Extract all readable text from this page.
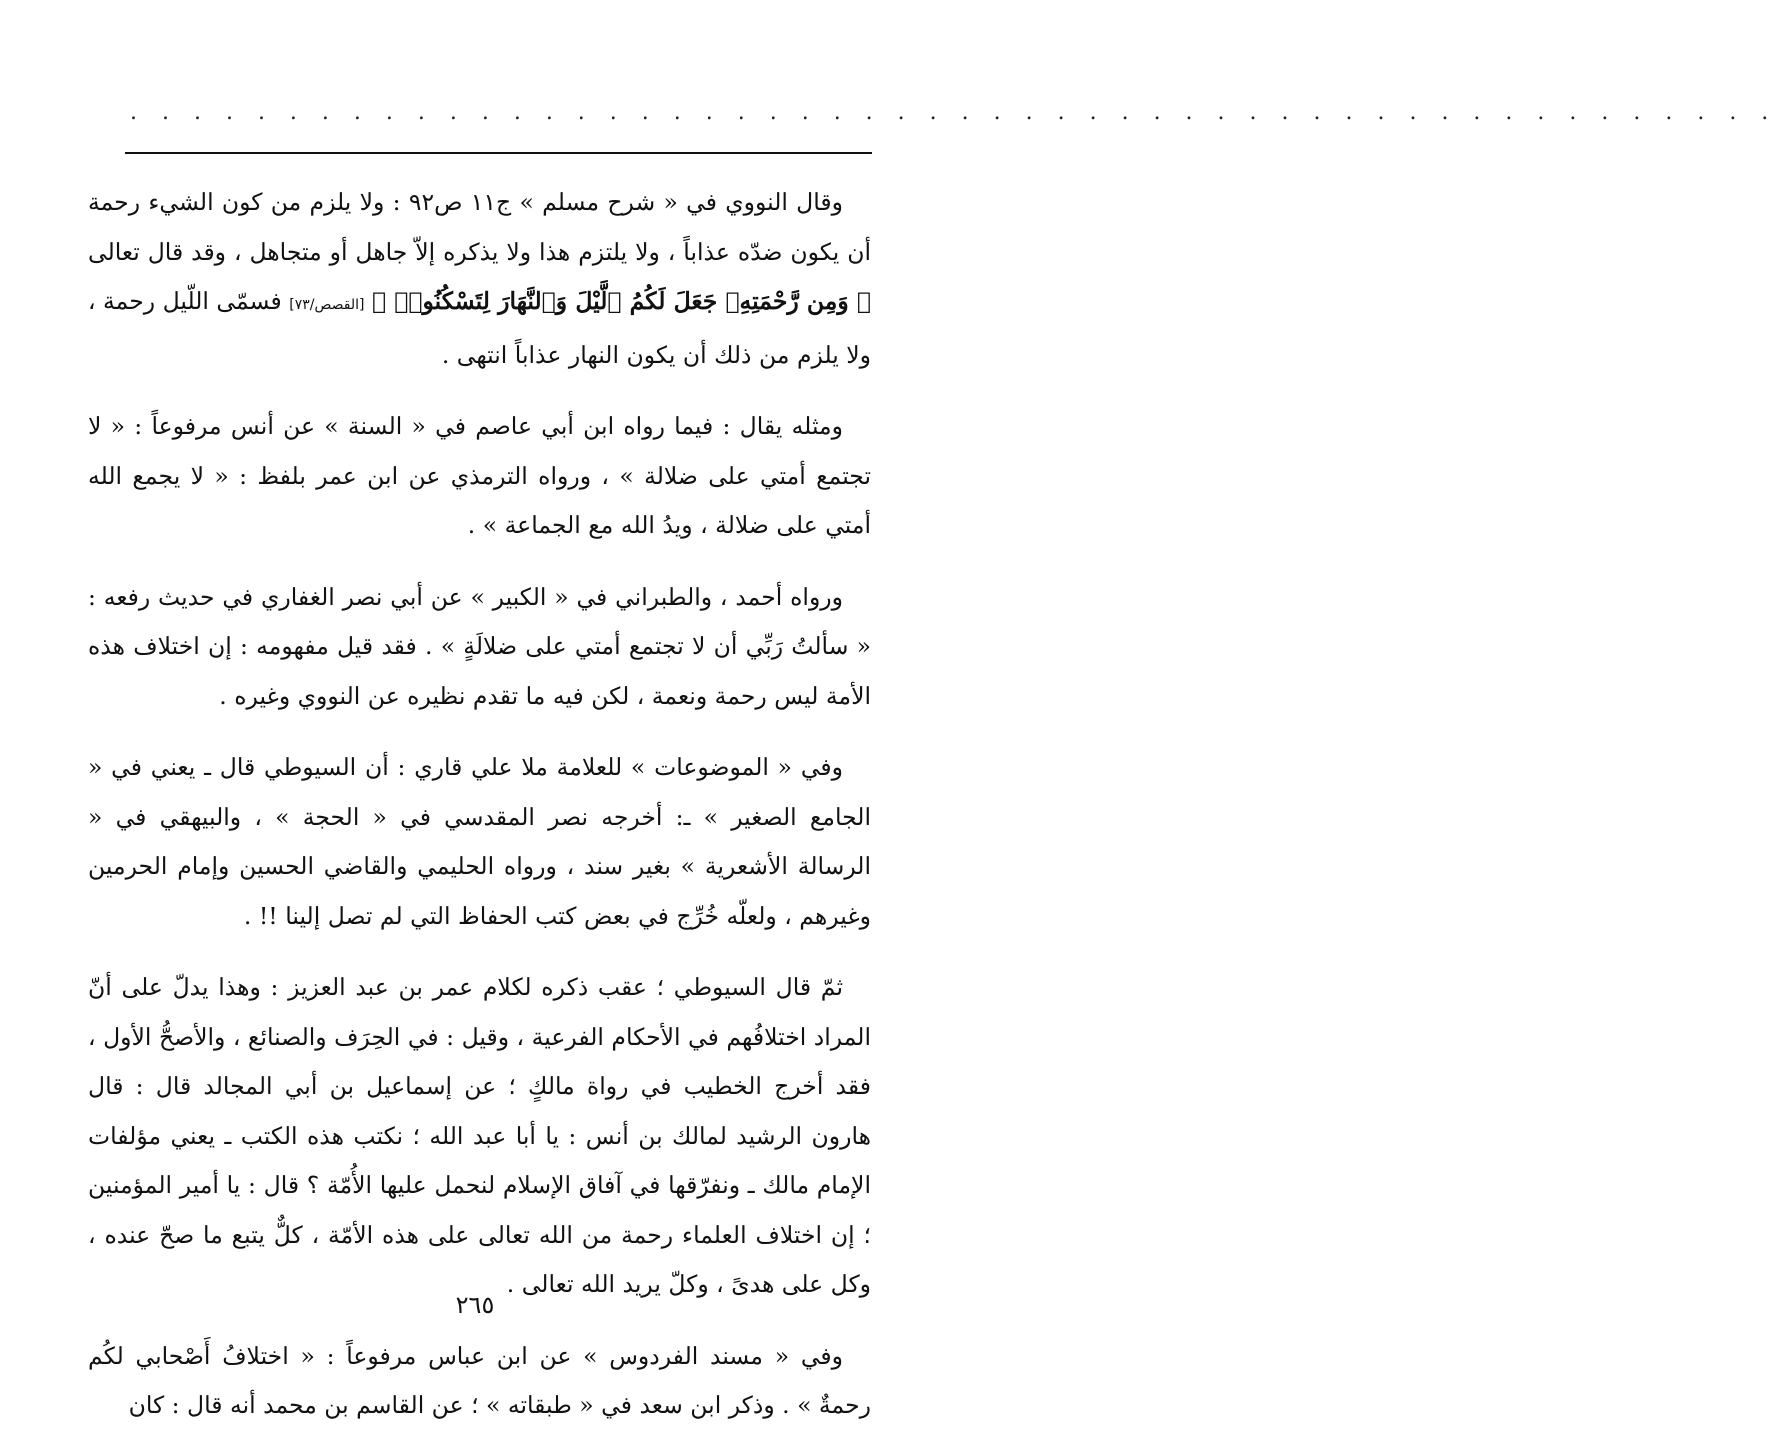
. . . . . . . . . . . . . . . . . . . . . . . . . . . . . . . . . . . . . . . . . . . . . . . . . . . .

وقال النووي في « شرح مسلم » ج١١ ص٩٢ : ولا يلزم من كون الشيء رحمة أن يكون ضدّه عذاباً ، ولا يلتزم هذا ولا يذكره إلاّ جاهل أو متجاهل ، وقد قال تعالى ﴿ وَمِن رَّحْمَتِهِۦ جَعَلَ لَكُمُ ٱلَّيْلَ وَٱلنَّهَارَ لِتَسْكُنُوا۟ ﴾ [القصص/٧٣] فسمّى اللّيل رحمة ، ولا يلزم من ذلك أن يكون النهار عذاباً انتهى .

ومثله يقال : فيما رواه ابن أبي عاصم في « السنة » عن أنس مرفوعاً : « لا تجتمع أمتي على ضلالة » ، ورواه الترمذي عن ابن عمر بلفظ : « لا يجمع الله أمتي على ضلالة ، ويدُ الله مع الجماعة » .

ورواه أحمد ، والطبراني في « الكبير » عن أبي نصر الغفاري في حديث رفعه : « سألتُ رَبِّي أن لا تجتمع أمتي على ضلالَةٍ » . فقد قيل مفهومه : إن اختلاف هذه الأمة ليس رحمة ونعمة ، لكن فيه ما تقدم نظيره عن النووي وغيره .

وفي « الموضوعات » للعلامة ملا علي قاري : أن السيوطي قال ـ يعني في « الجامع الصغير » ـ: أخرجه نصر المقدسي في « الحجة » ، والبيهقي في « الرسالة الأشعرية » بغير سند ، ورواه الحليمي والقاضي الحسين وإمام الحرمين وغيرهم ، ولعلّه خُرِّج في بعض كتب الحفاظ التي لم تصل إلينا !! .

ثمّ قال السيوطي ؛ عقب ذكره لكلام عمر بن عبد العزيز : وهذا يدلّ على أنّ المراد اختلافُهم في الأحكام الفرعية ، وقيل : في الحِرَف والصنائع ، والأصحُّ الأول ، فقد أخرج الخطيب في رواة مالكٍ ؛ عن إسماعيل بن أبي المجالد قال : قال هارون الرشيد لمالك بن أنس : يا أبا عبد الله ؛ نكتب هذه الكتب ـ يعني مؤلفات الإمام مالك ـ ونفرّقها في آفاق الإسلام لنحمل عليها الأُمّة ؟ قال : يا أمير المؤمنين ؛ إن اختلاف العلماء رحمة من الله تعالى على هذه الأمّة ، كلٌّ يتبع ما صحّ عنده ، وكل على هدىً ، وكلّ يريد الله تعالى .

وفي « مسند الفردوس » عن ابن عباس مرفوعاً : « اختلافُ أَصْحابي لكُم رحمةٌ » . وذكر ابن سعد في « طبقاته » ؛ عن القاسم بن محمد أنه قال : كان

٢٦٥
